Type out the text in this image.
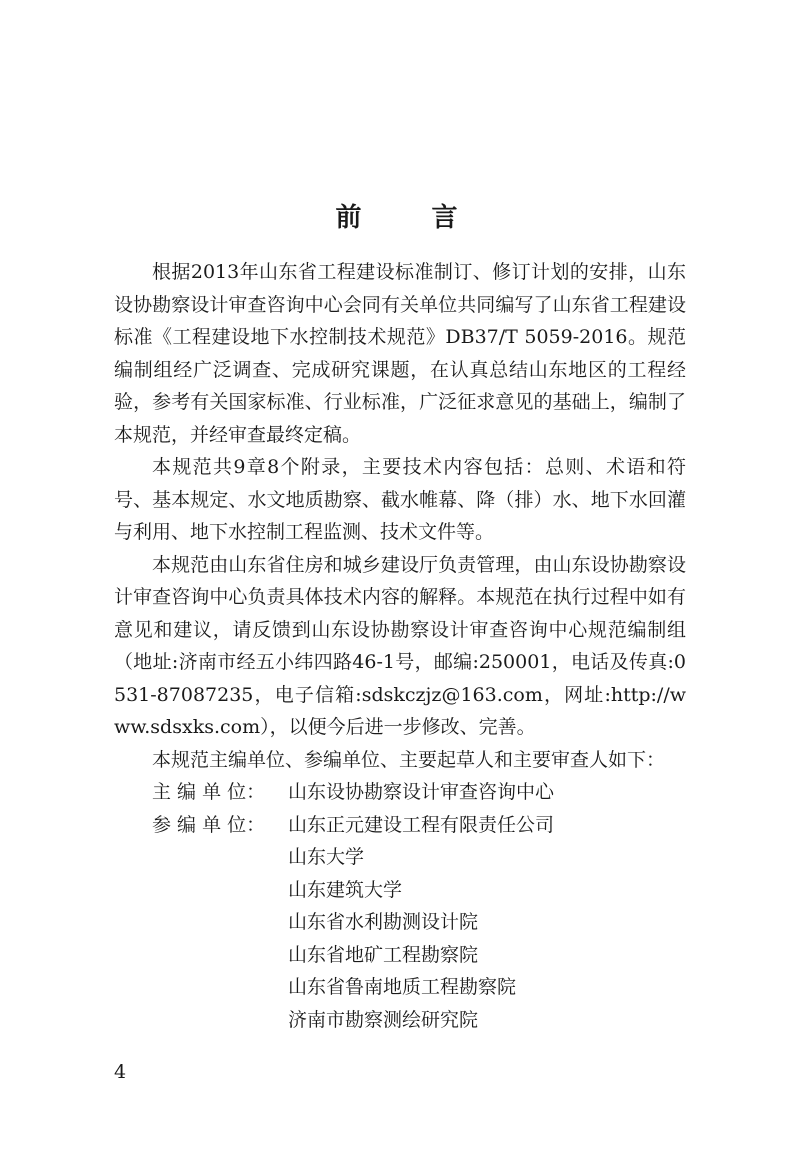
前　言

根据2013年山东省工程建设标准制订、修订计划的安排，山东设协勘察设计审查咨询中心会同有关单位共同编写了山东省工程建设标准《工程建设地下水控制技术规范》DB37/T 5059-2016。规范编制组经广泛调查、完成研究课题，在认真总结山东地区的工程经验，参考有关国家标准、行业标准，广泛征求意见的基础上，编制了本规范，并经审查最终定稿。

本规范共9章8个附录，主要技术内容包括：总则、术语和符号、基本规定、水文地质勘察、截水帷幕、降（排）水、地下水回灌与利用、地下水控制工程监测、技术文件等。

本规范由山东省住房和城乡建设厅负责管理，由山东设协勘察设计审查咨询中心负责具体技术内容的解释。本规范在执行过程中如有意见和建议，请反馈到山东设协勘察设计审查咨询中心规范编制组（地址:济南市经五小纬四路46-1号，邮编:250001，电话及传真:0531-87087235，电子信箱:sdskczjz@163.com，网址:http://www.sdsxks.com），以便今后进一步修改、完善。

本规范主编单位、参编单位、主要起草人和主要审查人如下：

主 编 单 位：	山东设协勘察设计审查咨询中心
参 编 单 位：	山东正元建设工程有限责任公司
山东大学
山东建筑大学
山东省水利勘测设计院
山东省地矿工程勘察院
山东省鲁南地质工程勘察院
济南市勘察测绘研究院
4
